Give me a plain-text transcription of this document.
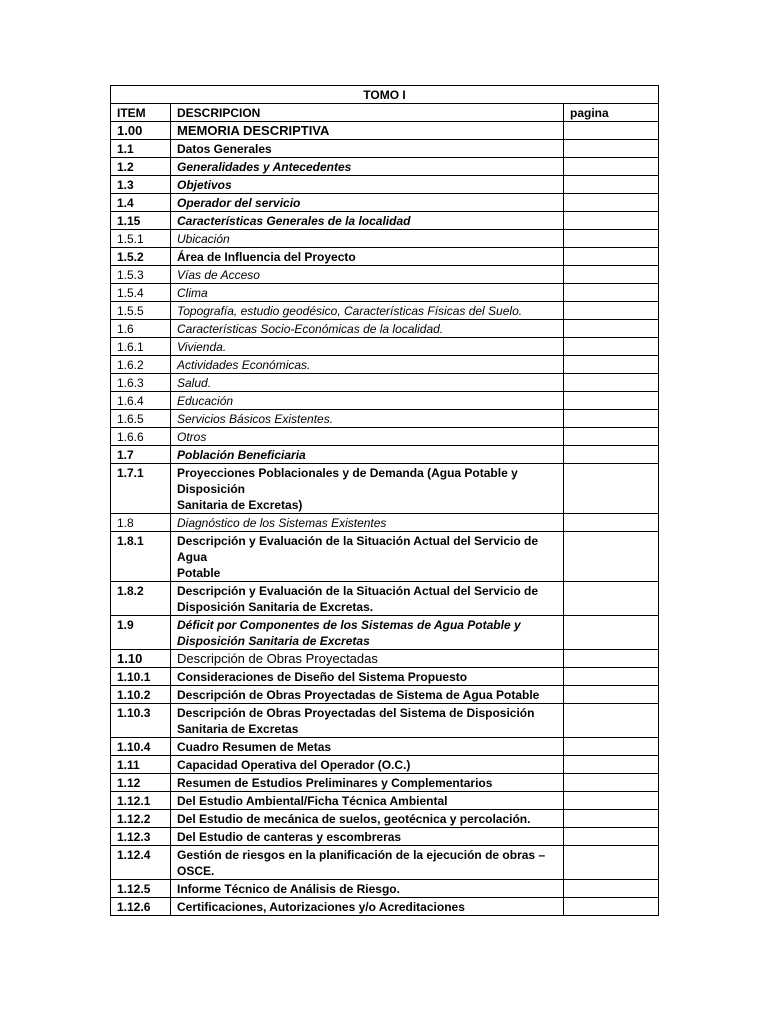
TOMO I		
ITEM	DESCRIPCION	pagina
1.00	MEMORIA DESCRIPTIVA	
1.1	Datos Generales	
1.2	Generalidades y Antecedentes	
1.3	Objetivos	
1.4	Operador del servicio	
1.15	Características Generales de la localidad	
1.5.1	Ubicación	
1.5.2	Área de Influencia del Proyecto	
1.5.3	Vías de Acceso	
1.5.4	Clima	
1.5.5	Topografía, estudio geodésico, Características Físicas del Suelo.	
1.6	Características Socio-Económicas de la localidad.	
1.6.1	Vivienda.	
1.6.2	Actividades Económicas.	
1.6.3	Salud.	
1.6.4	Educación	
1.6.5	Servicios Básicos Existentes.	
1.6.6	Otros	
1.7	Población Beneficiaria	
1.7.1	Proyecciones Poblacionales y de Demanda (Agua Potable y
Disposición
Sanitaria de Excretas)	
1.8	Diagnóstico de los Sistemas Existentes	
1.8.1	Descripción y Evaluación de la Situación Actual del Servicio de
Agua
Potable	
1.8.2	Descripción y Evaluación de la Situación Actual del Servicio de
Disposición Sanitaria de Excretas.	
1.9	Déficit por Componentes de los Sistemas de Agua Potable y
Disposición Sanitaria de Excretas	
1.10	Descripción de Obras Proyectadas	
1.10.1	Consideraciones de Diseño del Sistema Propuesto	
1.10.2	Descripción de Obras Proyectadas de Sistema de Agua Potable	
1.10.3	Descripción de Obras Proyectadas del Sistema de Disposición
Sanitaria de Excretas	
1.10.4	Cuadro Resumen de Metas	
1.11	Capacidad Operativa del Operador (O.C.)	
1.12	Resumen de Estudios Preliminares y Complementarios	
1.12.1	Del Estudio Ambiental/Ficha Técnica Ambiental	
1.12.2	Del Estudio de mecánica de suelos, geotécnica y percolación.	
1.12.3	Del Estudio de canteras y escombreras	
1.12.4	Gestión de riesgos en la planificación de la ejecución de obras –
OSCE.	
1.12.5	Informe Técnico de Análisis de Riesgo.	
1.12.6	Certificaciones, Autorizaciones y/o Acreditaciones	
